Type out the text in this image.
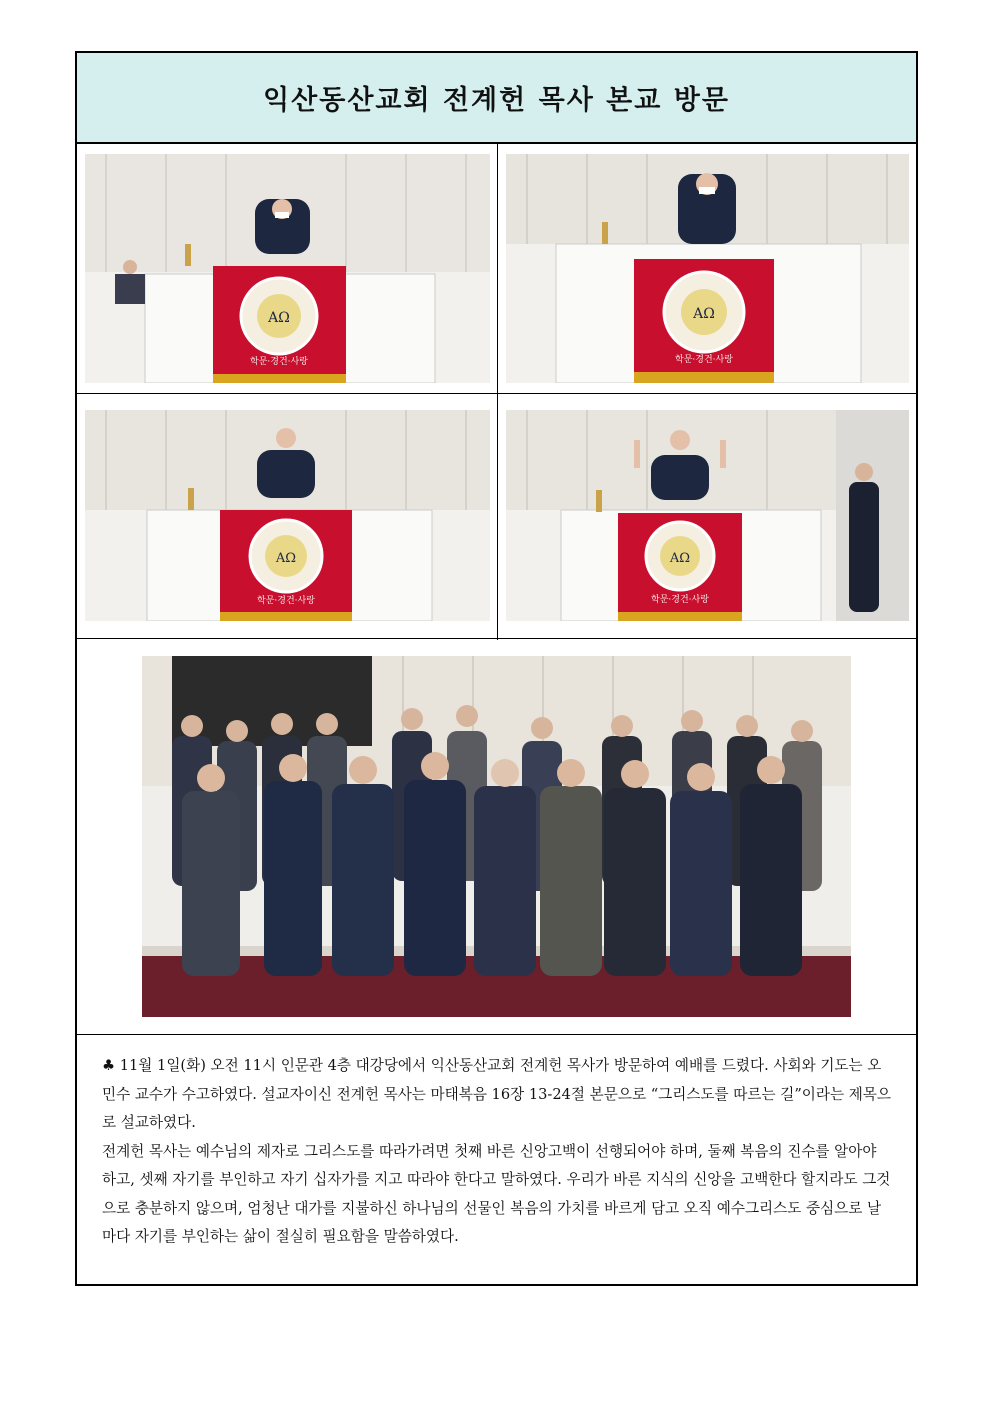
익산동산교회 전계헌 목사 본교 방문
AΩ
학문·경건·사랑
AΩ
학문·경건·사랑
AΩ
학문·경건·사랑
AΩ
학문·경건·사랑

♣ 11월 1일(화) 오전 11시 인문관 4층 대강당에서 익산동산교회 전계헌 목사가 방문하여 예배를 드렸다. 사회와 기도는 오민수 교수가 수고하였다. 설교자이신 전계헌 목사는 마태복음 16장 13-24절 본문으로 “그리스도를 따르는 길”이라는 제목으로 설교하였다.

전계헌 목사는 예수님의 제자로 그리스도를 따라가려면 첫째 바른 신앙고백이 선행되어야 하며, 둘째 복음의 진수를 알아야 하고, 셋째 자기를 부인하고 자기 십자가를 지고 따라야 한다고 말하였다. 우리가 바른 지식의 신앙을 고백한다 할지라도 그것으로 충분하지 않으며, 엄청난 대가를 지불하신 하나님의 선물인 복음의 가치를 바르게 담고 오직 예수그리스도 중심으로 날마다 자기를 부인하는 삶이 절실히 필요함을 말씀하였다.
